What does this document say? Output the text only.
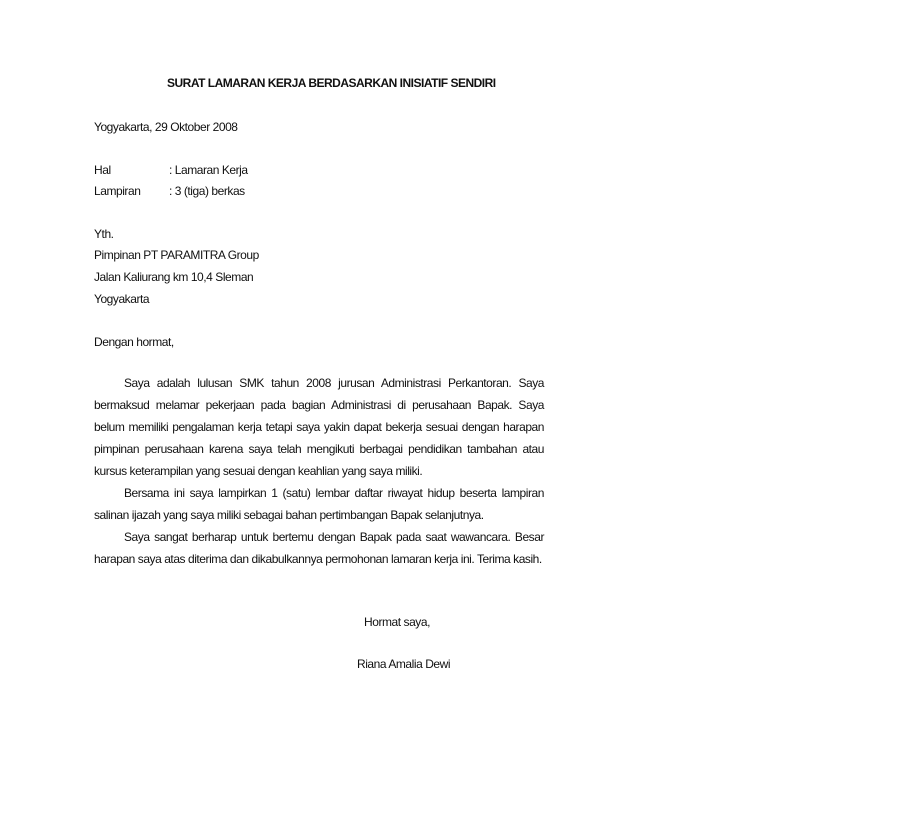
SURAT LAMARAN KERJA BERDASARKAN INISIATIF SENDIRI
Yogyakarta, 29 Oktober 2008
Hal	: Lamaran Kerja
Lampiran : 3 (tiga) berkas
Yth.
Pimpinan PT PARAMITRA Group
Jalan Kaliurang km 10,4 Sleman
Yogyakarta
Dengan hormat,
Saya adalah lulusan SMK tahun 2008 jurusan Administrasi Perkantoran. Saya bermaksud melamar pekerjaan pada bagian Administrasi di perusahaan Bapak. Saya belum memiliki pengalaman kerja tetapi saya yakin dapat bekerja sesuai dengan harapan pimpinan perusahaan karena saya telah mengikuti berbagai pendidikan tambahan atau kursus keterampilan yang sesuai dengan keahlian yang saya miliki.
Bersama ini saya lampirkan 1 (satu) lembar daftar riwayat hidup beserta lampiran salinan ijazah yang saya miliki sebagai bahan pertimbangan Bapak selanjutnya.
Saya sangat berharap untuk bertemu dengan Bapak pada saat wawancara. Besar harapan saya atas diterima dan dikabulkannya permohonan lamaran kerja ini. Terima kasih.
Hormat saya,
Riana Amalia Dewi
